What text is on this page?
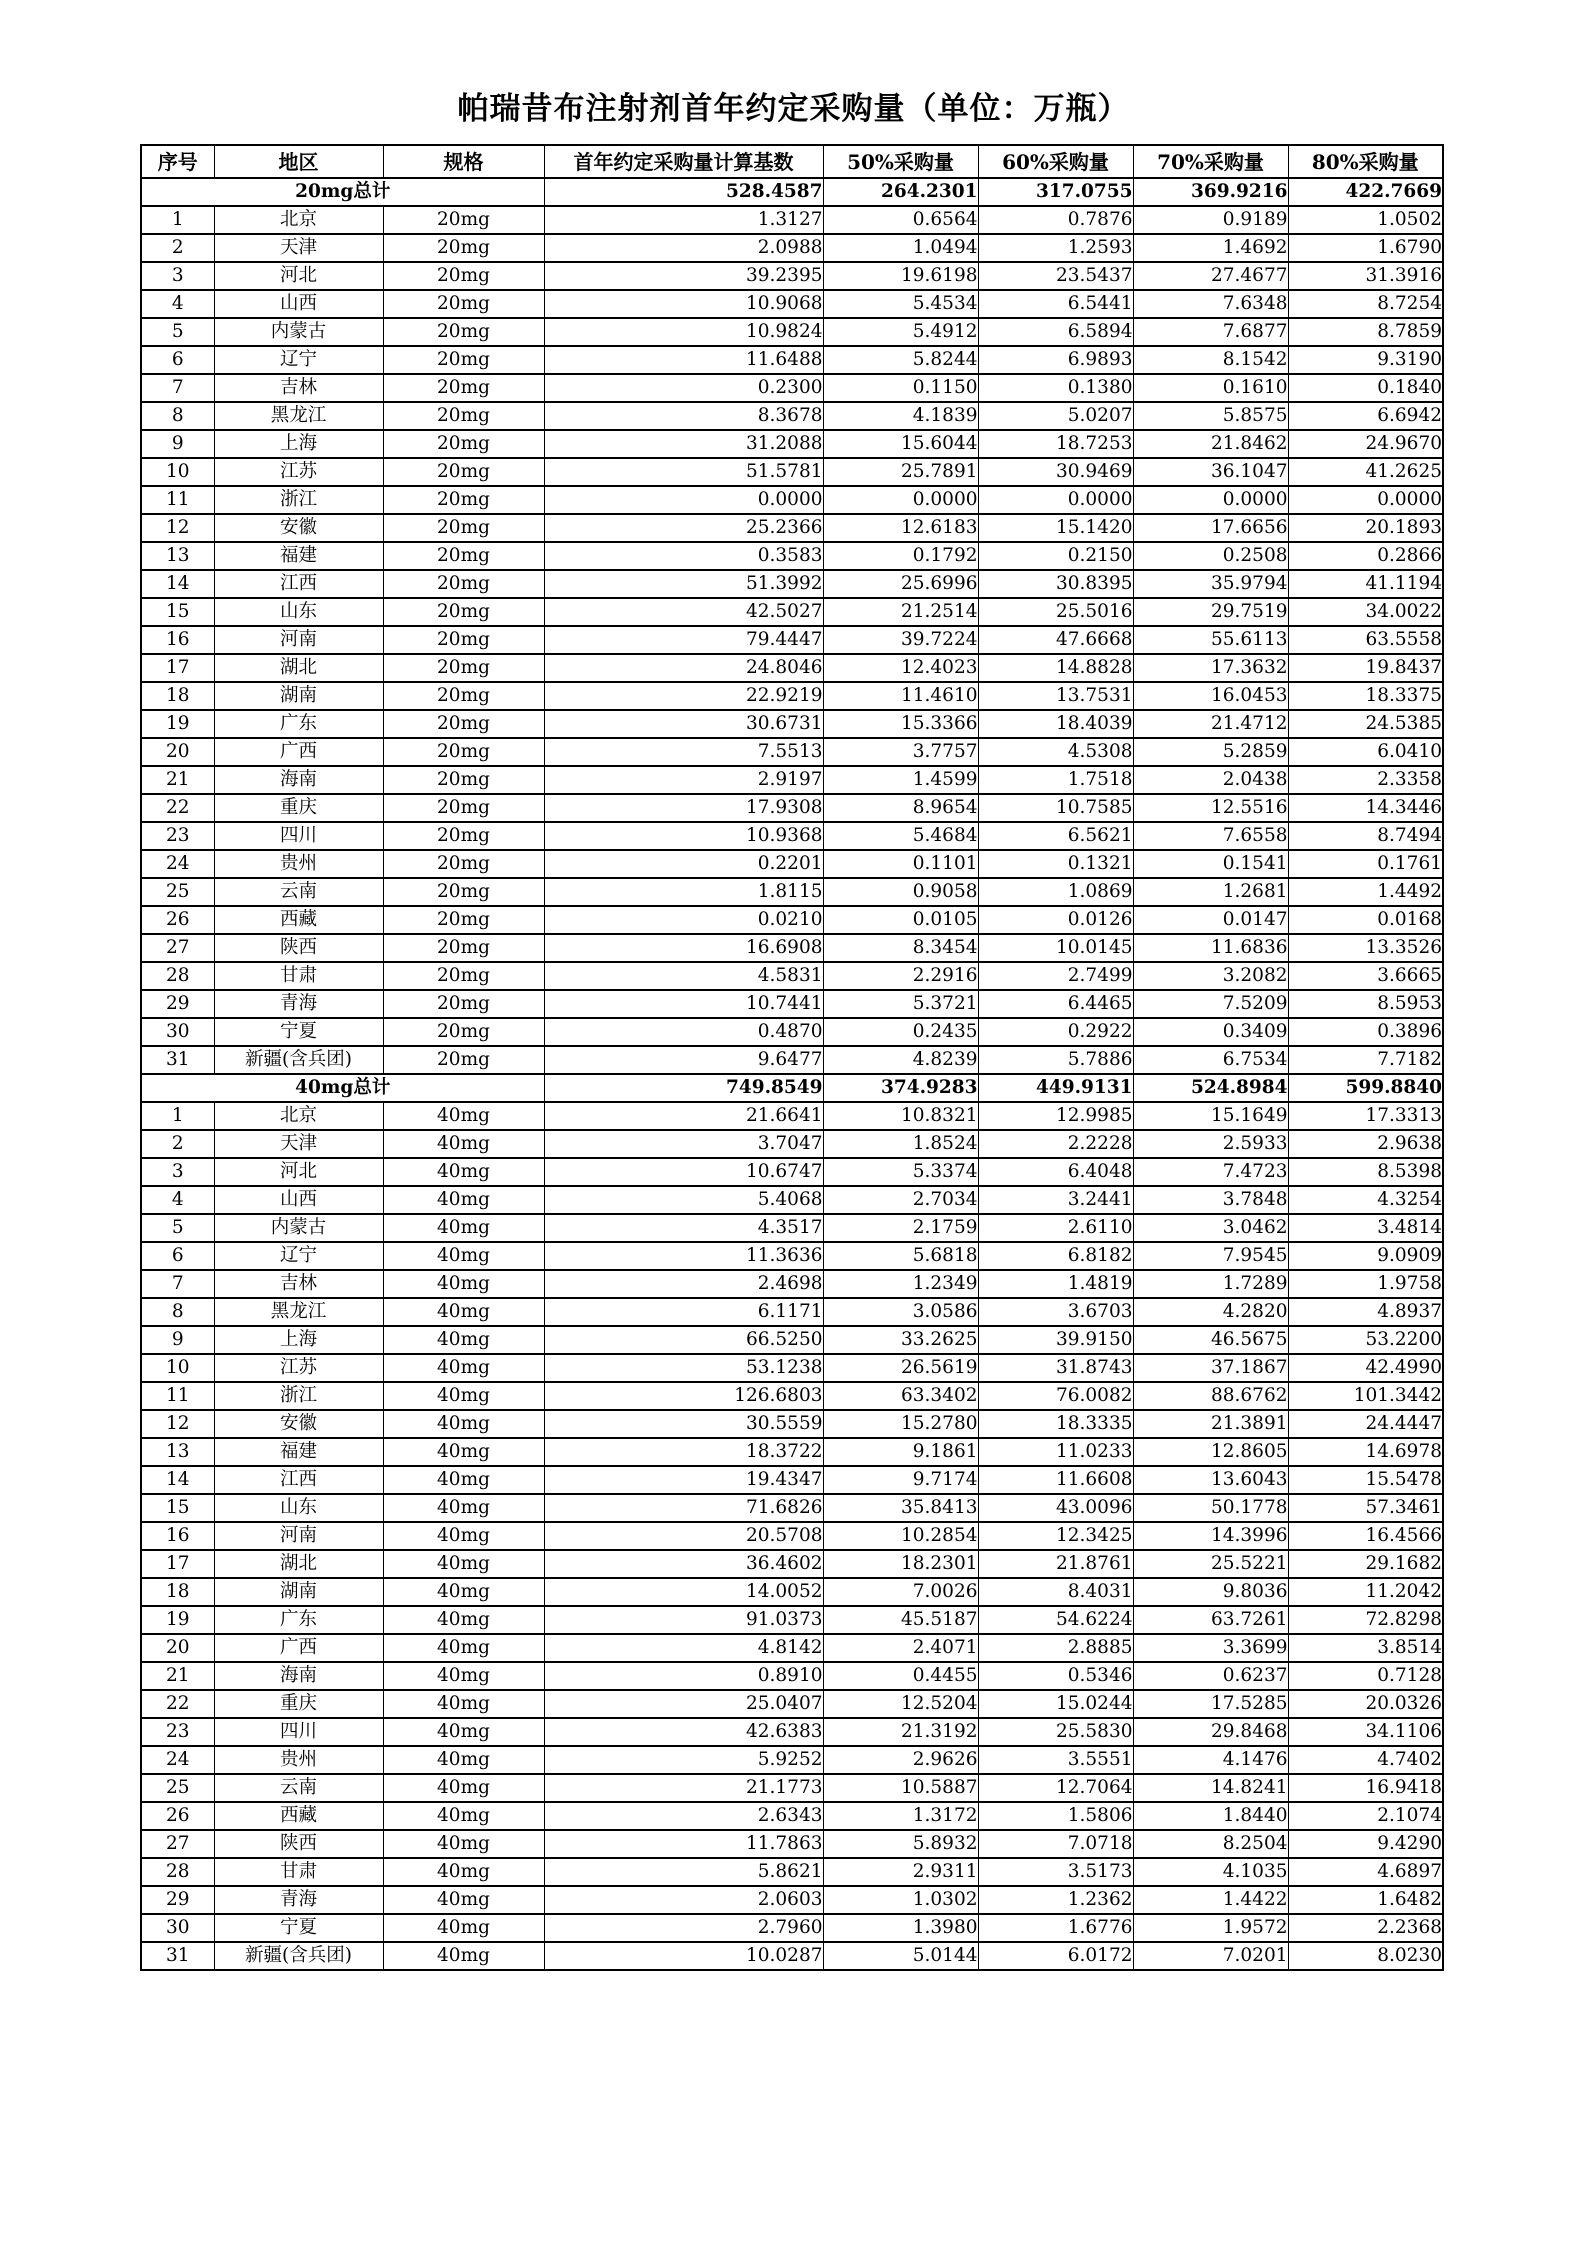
帕瑞昔布注射剂首年约定采购量（单位：万瓶）
序号	地区	规格	首年约定采购量计算基数	50%采购量	60%采购量	70%采购量	80%采购量
20mg总计			528.4587	264.2301	317.0755	369.9216	422.7669
1	北京	20mg	1.3127	0.6564	0.7876	0.9189	1.0502
2	天津	20mg	2.0988	1.0494	1.2593	1.4692	1.6790
3	河北	20mg	39.2395	19.6198	23.5437	27.4677	31.3916
4	山西	20mg	10.9068	5.4534	6.5441	7.6348	8.7254
5	内蒙古	20mg	10.9824	5.4912	6.5894	7.6877	8.7859
6	辽宁	20mg	11.6488	5.8244	6.9893	8.1542	9.3190
7	吉林	20mg	0.2300	0.1150	0.1380	0.1610	0.1840
8	黑龙江	20mg	8.3678	4.1839	5.0207	5.8575	6.6942
9	上海	20mg	31.2088	15.6044	18.7253	21.8462	24.9670
10	江苏	20mg	51.5781	25.7891	30.9469	36.1047	41.2625
11	浙江	20mg	0.0000	0.0000	0.0000	0.0000	0.0000
12	安徽	20mg	25.2366	12.6183	15.1420	17.6656	20.1893
13	福建	20mg	0.3583	0.1792	0.2150	0.2508	0.2866
14	江西	20mg	51.3992	25.6996	30.8395	35.9794	41.1194
15	山东	20mg	42.5027	21.2514	25.5016	29.7519	34.0022
16	河南	20mg	79.4447	39.7224	47.6668	55.6113	63.5558
17	湖北	20mg	24.8046	12.4023	14.8828	17.3632	19.8437
18	湖南	20mg	22.9219	11.4610	13.7531	16.0453	18.3375
19	广东	20mg	30.6731	15.3366	18.4039	21.4712	24.5385
20	广西	20mg	7.5513	3.7757	4.5308	5.2859	6.0410
21	海南	20mg	2.9197	1.4599	1.7518	2.0438	2.3358
22	重庆	20mg	17.9308	8.9654	10.7585	12.5516	14.3446
23	四川	20mg	10.9368	5.4684	6.5621	7.6558	8.7494
24	贵州	20mg	0.2201	0.1101	0.1321	0.1541	0.1761
25	云南	20mg	1.8115	0.9058	1.0869	1.2681	1.4492
26	西藏	20mg	0.0210	0.0105	0.0126	0.0147	0.0168
27	陕西	20mg	16.6908	8.3454	10.0145	11.6836	13.3526
28	甘肃	20mg	4.5831	2.2916	2.7499	3.2082	3.6665
29	青海	20mg	10.7441	5.3721	6.4465	7.5209	8.5953
30	宁夏	20mg	0.4870	0.2435	0.2922	0.3409	0.3896
31	新疆(含兵团)	20mg	9.6477	4.8239	5.7886	6.7534	7.7182
40mg总计			749.8549	374.9283	449.9131	524.8984	599.8840
1	北京	40mg	21.6641	10.8321	12.9985	15.1649	17.3313
2	天津	40mg	3.7047	1.8524	2.2228	2.5933	2.9638
3	河北	40mg	10.6747	5.3374	6.4048	7.4723	8.5398
4	山西	40mg	5.4068	2.7034	3.2441	3.7848	4.3254
5	内蒙古	40mg	4.3517	2.1759	2.6110	3.0462	3.4814
6	辽宁	40mg	11.3636	5.6818	6.8182	7.9545	9.0909
7	吉林	40mg	2.4698	1.2349	1.4819	1.7289	1.9758
8	黑龙江	40mg	6.1171	3.0586	3.6703	4.2820	4.8937
9	上海	40mg	66.5250	33.2625	39.9150	46.5675	53.2200
10	江苏	40mg	53.1238	26.5619	31.8743	37.1867	42.4990
11	浙江	40mg	126.6803	63.3402	76.0082	88.6762	101.3442
12	安徽	40mg	30.5559	15.2780	18.3335	21.3891	24.4447
13	福建	40mg	18.3722	9.1861	11.0233	12.8605	14.6978
14	江西	40mg	19.4347	9.7174	11.6608	13.6043	15.5478
15	山东	40mg	71.6826	35.8413	43.0096	50.1778	57.3461
16	河南	40mg	20.5708	10.2854	12.3425	14.3996	16.4566
17	湖北	40mg	36.4602	18.2301	21.8761	25.5221	29.1682
18	湖南	40mg	14.0052	7.0026	8.4031	9.8036	11.2042
19	广东	40mg	91.0373	45.5187	54.6224	63.7261	72.8298
20	广西	40mg	4.8142	2.4071	2.8885	3.3699	3.8514
21	海南	40mg	0.8910	0.4455	0.5346	0.6237	0.7128
22	重庆	40mg	25.0407	12.5204	15.0244	17.5285	20.0326
23	四川	40mg	42.6383	21.3192	25.5830	29.8468	34.1106
24	贵州	40mg	5.9252	2.9626	3.5551	4.1476	4.7402
25	云南	40mg	21.1773	10.5887	12.7064	14.8241	16.9418
26	西藏	40mg	2.6343	1.3172	1.5806	1.8440	2.1074
27	陕西	40mg	11.7863	5.8932	7.0718	8.2504	9.4290
28	甘肃	40mg	5.8621	2.9311	3.5173	4.1035	4.6897
29	青海	40mg	2.0603	1.0302	1.2362	1.4422	1.6482
30	宁夏	40mg	2.7960	1.3980	1.6776	1.9572	2.2368
31	新疆(含兵团)	40mg	10.0287	5.0144	6.0172	7.0201	8.0230
